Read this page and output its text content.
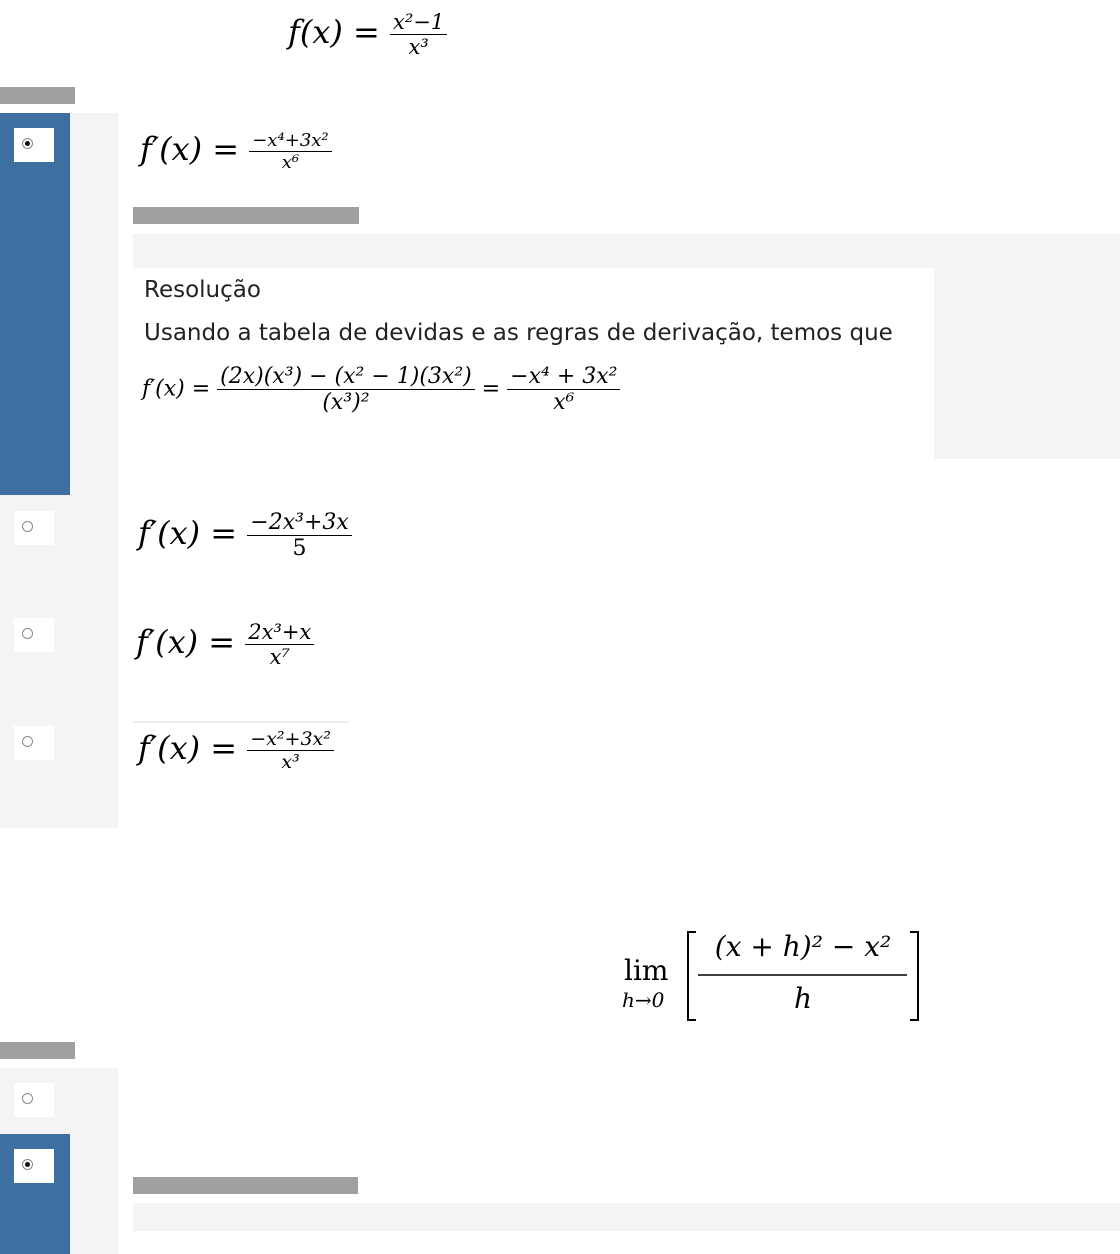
$f(x) = \frac{\text{x²−1}}{\text{x³}}$
$f'(x) = \frac{\text{−x⁴+3x²}}{\text{x⁶}}$
Resolução
Usando a tabela de devidas e as regras de derivação, temos que
$f'(x) = \frac{\text{(2x)(x³) − (x² − 1)(3x²)}}{\text{(x³)²}} = \frac{\text{−x⁴ + 3x²}}{\text{x⁶}}$
$f'(x) = \frac{\text{−2x³+3x}}{5}$
$f'(x) = \frac{\text{2x³+x}}{\text{x⁷}}$
$f'(x) = \frac{\text{−x²+3x²}}{\text{x³}}$
lim
h→0
(x + h)² − x²
h
